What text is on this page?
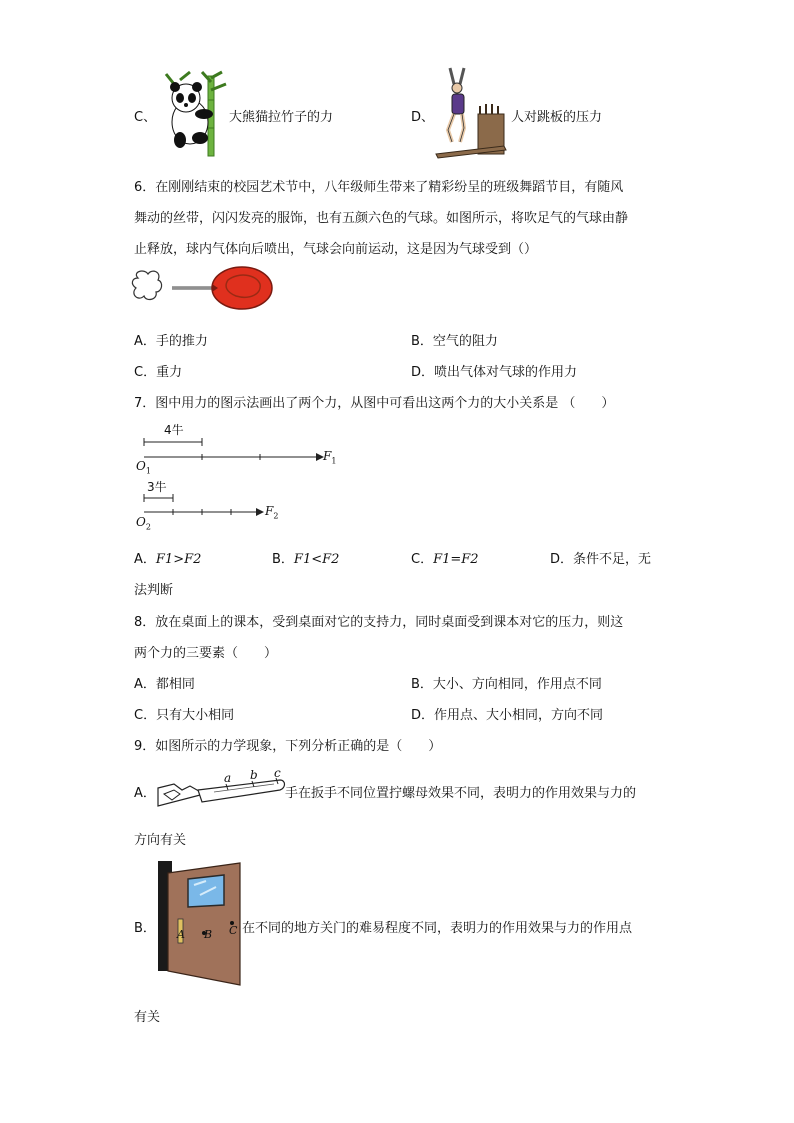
C、	大熊猫拉竹子的力	D、	人对跳板的压力
6．在刚刚结束的校园艺术节中，八年级师生带来了精彩纷呈的班级舞蹈节目，有随风
舞动的丝带，闪闪发亮的服饰，也有五颜六色的气球。如图所示，将吹足气的气球由静
止释放，球内气体向后喷出，气球会向前运动，这是因为气球受到（）
A．手的推力	B．空气的阻力
C．重力	D．喷出气体对气球的作用力
7．图中用力的图示法画出了两个力，从图中可看出这两个力的大小关系是 （　　）
4牛
$O_1$
$F_1$
3牛
$O_2$
$F_2$
A．F1>F2	B．F1<F2	C．F1=F2	D．条件不足，无
法判断
8．放在桌面上的课本，受到桌面对它的支持力，同时桌面受到课本对它的压力，则这
两个力的三要素（　　）
A．都相同	B．大小、方向相同，作用点不同
C．只有大小相同	D．作用点、大小相同，方向不同
9．如图所示的力学现象，下列分析正确的是（　　）
A．
a b c
手在扳手不同位置拧螺母效果不同，表明力的作用效果与力的
方向有关
B． A B C 在不同的地方关门的难易程度不同，表明力的作用效果与力的作用点
有关
